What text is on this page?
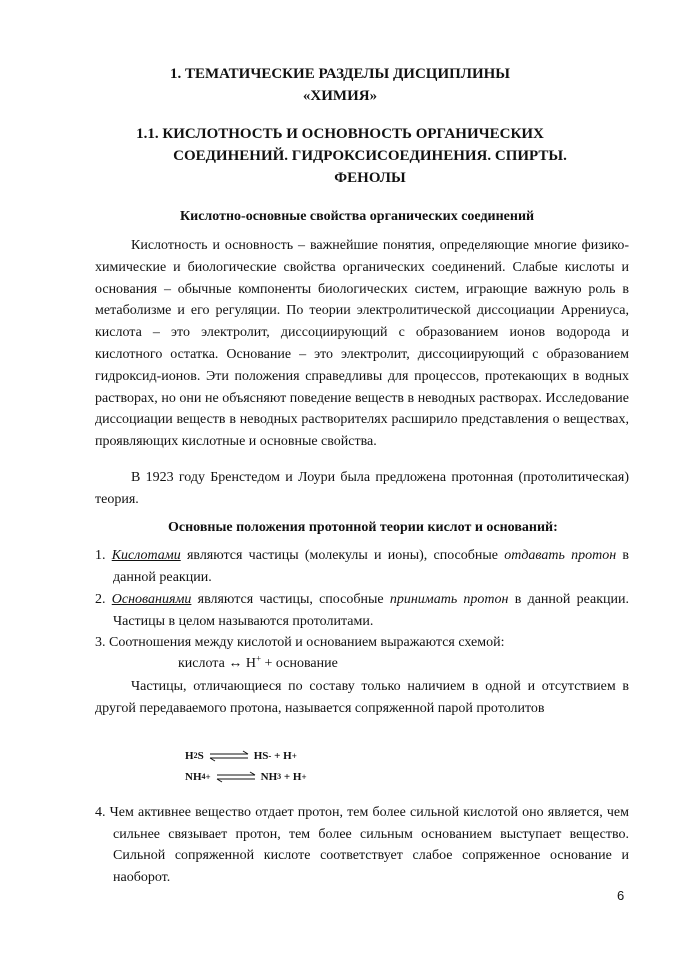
1. ТЕМАТИЧЕСКИЕ РАЗДЕЛЫ ДИСЦИПЛИНЫ
«ХИМИЯ»
1.1. КИСЛОТНОСТЬ И ОСНОВНОСТЬ ОРГАНИЧЕСКИХ
СОЕДИНЕНИЙ. ГИДРОКСИСОЕДИНЕНИЯ. СПИРТЫ.
ФЕНОЛЫ
Кислотно-основные свойства органических соединений
Кислотность и основность – важнейшие понятия, определяющие многие физико-химические и биологические свойства органических соединений. Слабые кислоты и основания – обычные компоненты биологических систем, играющие важную роль в метаболизме и его регуляции. По теории электролитической диссоциации Аррениуса, кислота – это электролит, диссоциирующий с образованием ионов водорода и кислотного остатка. Основание – это электролит, диссоциирующий с образованием гидроксид-ионов. Эти положения справедливы для процессов, протекающих в водных растворах, но они не объясняют поведение веществ в неводных растворах. Исследование диссоциации веществ в неводных растворителях расширило представления о веществах, проявляющих кислотные и основные свойства.
В 1923 году Бренстедом и Лоури была предложена протонная (протолитическая) теория.
Основные положения протонной теории кислот и оснований:
1. Кислотами являются частицы (молекулы и ионы), способные отдавать протон в данной реакции.
2. Основаниями являются частицы, способные принимать протон в данной реакции. Частицы в целом называются протолитами.
3. Соотношения между кислотой и основанием выражаются схемой:
кислота ↔ H+ + основание
Частицы, отличающиеся по составу только наличием в одной и отсутствием в другой передаваемого протона, называется сопряженной парой протолитов
H 2 S ⇌ HS - + H +
NH 4 + ⇌ NH 3 + H +
4. Чем активнее вещество отдает протон, тем более сильной кислотой оно является, чем сильнее связывает протон, тем более сильным основанием выступает вещество. Сильной сопряженной кислоте соответствует слабое сопряженное основание и наоборот.
6
